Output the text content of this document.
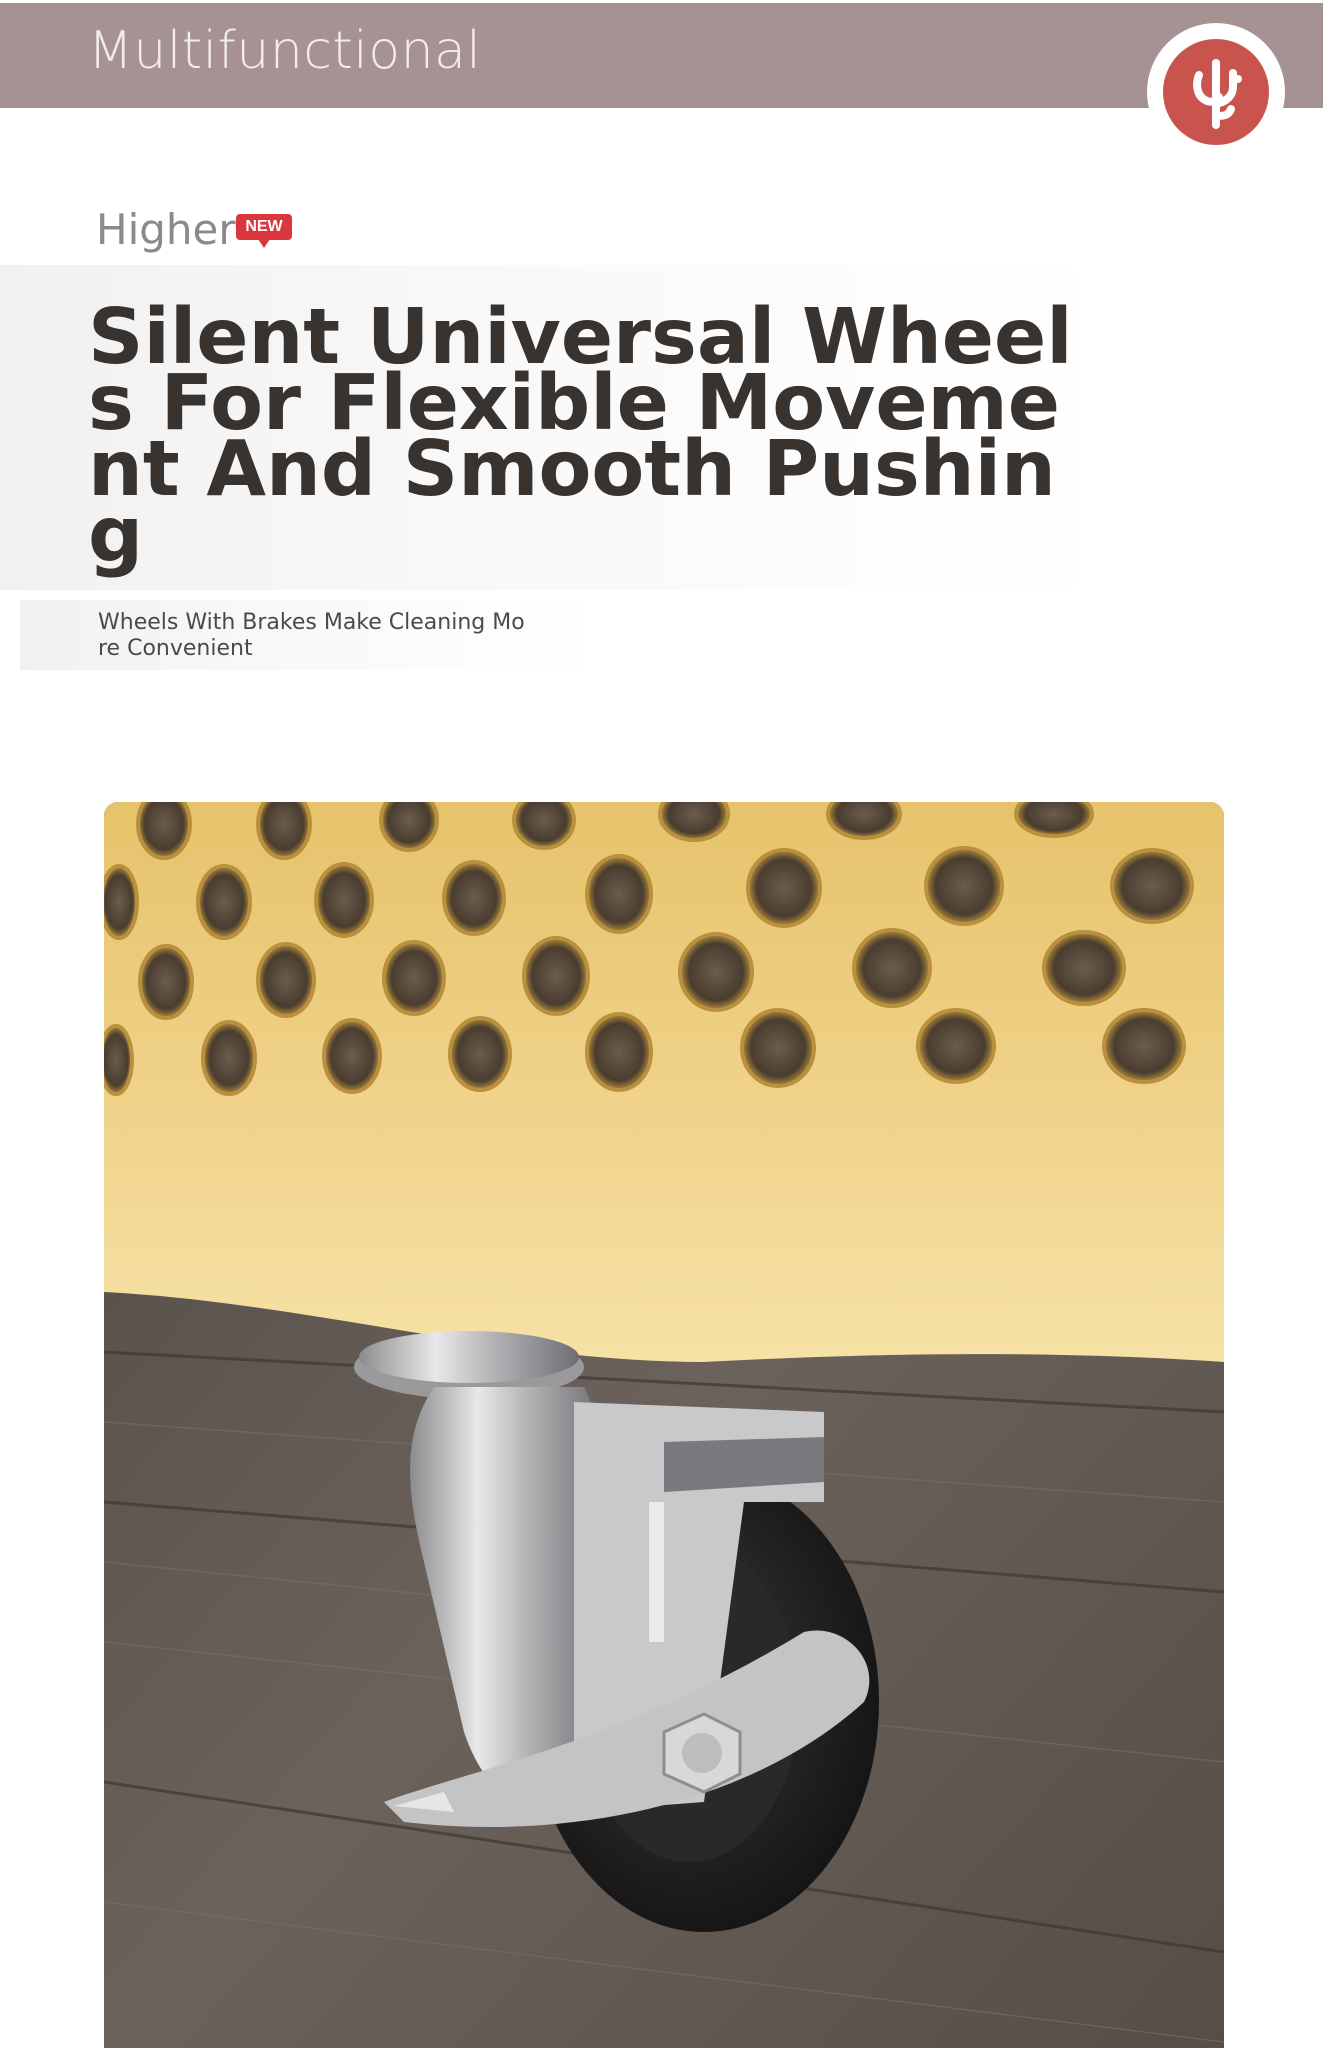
Multifunctional
Higher NEW
Silent Universal Wheel
s For Flexible Moveme
nt And Smooth Pushin
g
Wheels With Brakes Make Cleaning Mo
re Convenient
